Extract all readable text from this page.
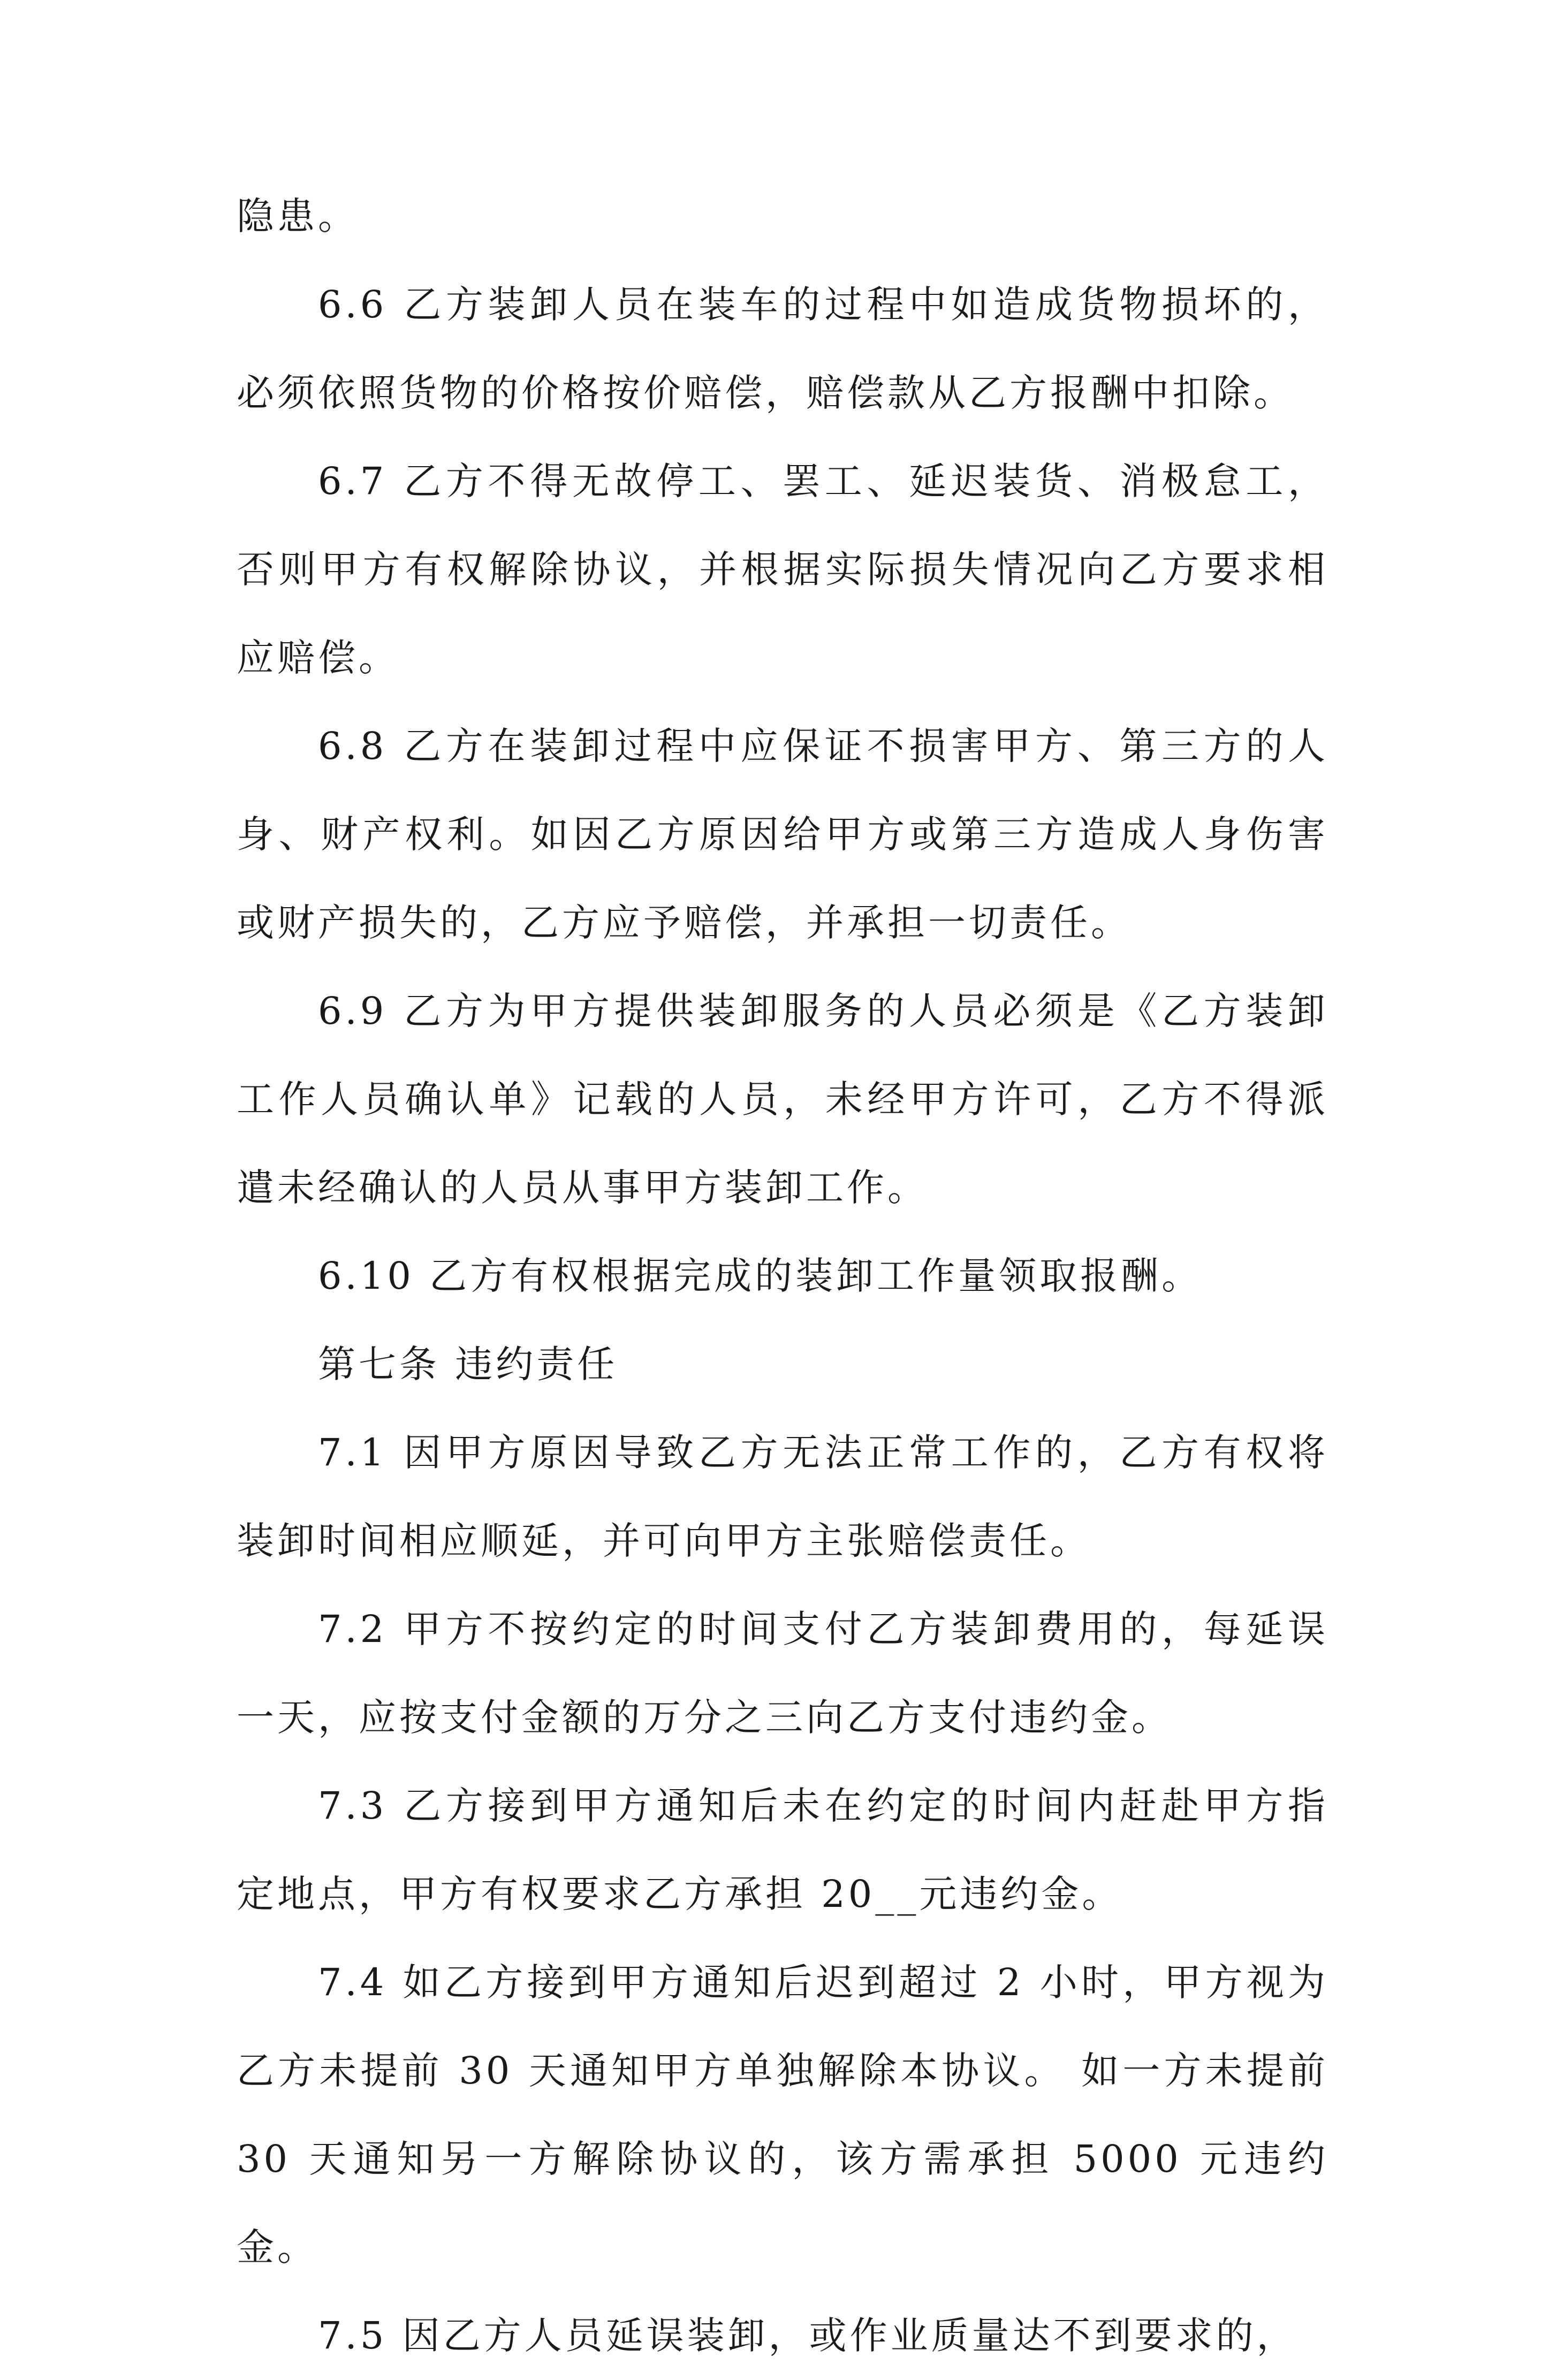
隐患。

6.6 乙方装卸人员在装车的过程中如造成货物损坏的，必须依照货物的价格按价赔偿，赔偿款从乙方报酬中扣除。

6.7 乙方不得无故停工、罢工、延迟装货、消极怠工，否则甲方有权解除协议，并根据实际损失情况向乙方要求相应赔偿。

6.8 乙方在装卸过程中应保证不损害甲方、第三方的人身、财产权利。如因乙方原因给甲方或第三方造成人身伤害或财产损失的，乙方应予赔偿，并承担一切责任。

6.9 乙方为甲方提供装卸服务的人员必须是《乙方装卸工作人员确认单》记载的人员，未经甲方许可，乙方不得派遣未经确认的人员从事甲方装卸工作。

6.10 乙方有权根据完成的装卸工作量领取报酬。

第七条 违约责任

7.1 因甲方原因导致乙方无法正常工作的，乙方有权将装卸时间相应顺延，并可向甲方主张赔偿责任。

7.2 甲方不按约定的时间支付乙方装卸费用的，每延误一天，应按支付金额的万分之三向乙方支付违约金。

7.3 乙方接到甲方通知后未在约定的时间内赶赴甲方指定地点，甲方有权要求乙方承担 20__元违约金。

7.4 如乙方接到甲方通知后迟到超过 2 小时，甲方视为乙方未提前 30 天通知甲方单独解除本协议。 如一方未提前 30 天通知另一方解除协议的，该方需承担 5000 元违约金。

7.5 因乙方人员延误装卸，或作业质量达不到要求的，
